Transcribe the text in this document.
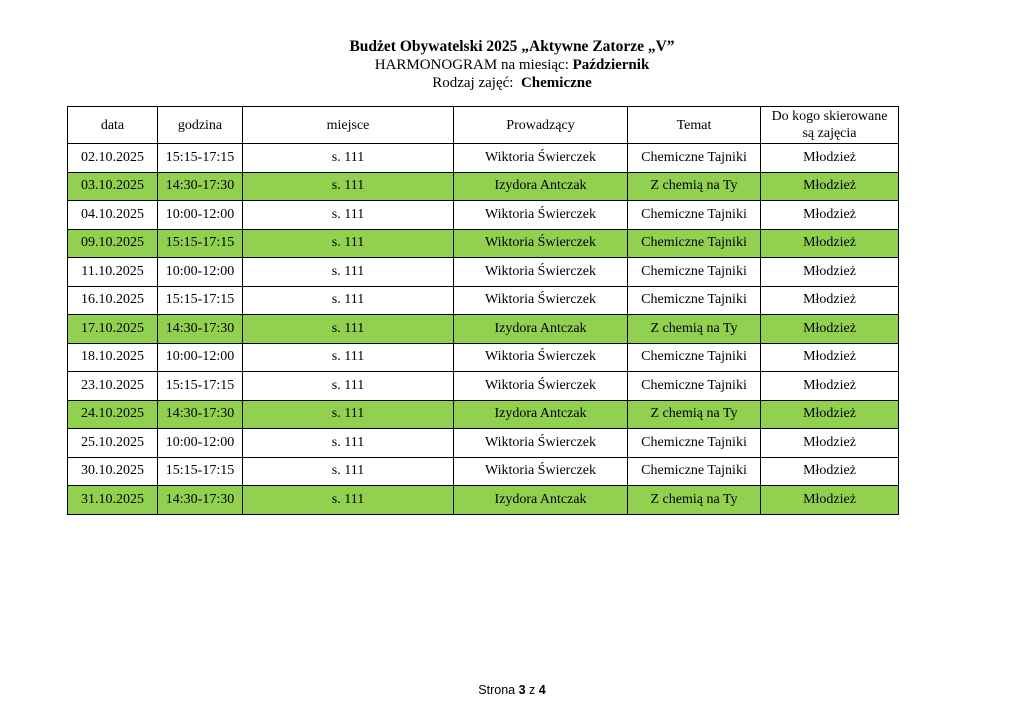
Budżet Obywatelski 2025 „Aktywne Zatorze „V”
HARMONOGRAM na miesiąc: Październik
Rodzaj zajęć:  Chemiczne
data	godzina	miejsce	Prowadzący	Temat	Do kogo skierowane są zajęcia
02.10.2025	15:15-17:15	s. 111	Wiktoria Świerczek	Chemiczne Tajniki	Młodzież
03.10.2025	14:30-17:30	s. 111	Izydora Antczak	Z chemią na Ty	Młodzież
04.10.2025	10:00-12:00	s. 111	Wiktoria Świerczek	Chemiczne Tajniki	Młodzież
09.10.2025	15:15-17:15	s. 111	Wiktoria Świerczek	Chemiczne Tajniki	Młodzież
11.10.2025	10:00-12:00	s. 111	Wiktoria Świerczek	Chemiczne Tajniki	Młodzież
16.10.2025	15:15-17:15	s. 111	Wiktoria Świerczek	Chemiczne Tajniki	Młodzież
17.10.2025	14:30-17:30	s. 111	Izydora Antczak	Z chemią na Ty	Młodzież
18.10.2025	10:00-12:00	s. 111	Wiktoria Świerczek	Chemiczne Tajniki	Młodzież
23.10.2025	15:15-17:15	s. 111	Wiktoria Świerczek	Chemiczne Tajniki	Młodzież
24.10.2025	14:30-17:30	s. 111	Izydora Antczak	Z chemią na Ty	Młodzież
25.10.2025	10:00-12:00	s. 111	Wiktoria Świerczek	Chemiczne Tajniki	Młodzież
30.10.2025	15:15-17:15	s. 111	Wiktoria Świerczek	Chemiczne Tajniki	Młodzież
31.10.2025	14:30-17:30	s. 111	Izydora Antczak	Z chemią na Ty	Młodzież
Strona 3 z 4
